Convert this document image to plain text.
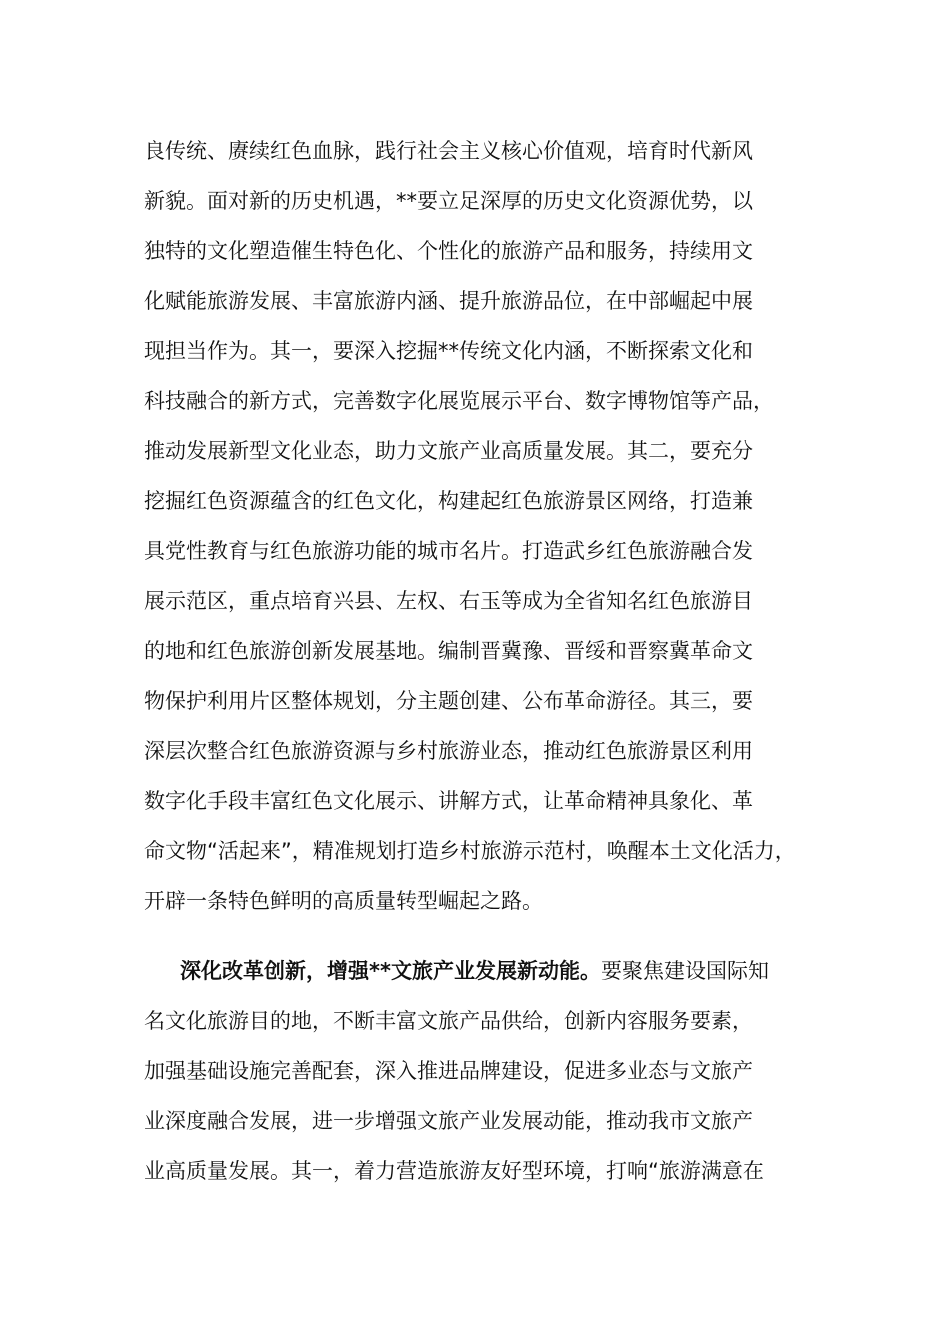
良传统、赓续红色血脉，践行社会主义核心价值观，培育时代新风
新貌。面对新的历史机遇，**要立足深厚的历史文化资源优势，以
独特的文化塑造催生特色化、个性化的旅游产品和服务，持续用文
化赋能旅游发展、丰富旅游内涵、提升旅游品位，在中部崛起中展
现担当作为。其一，要深入挖掘**传统文化内涵，不断探索文化和
科技融合的新方式，完善数字化展览展示平台、数字博物馆等产品，
推动发展新型文化业态，助力文旅产业高质量发展。其二，要充分
挖掘红色资源蕴含的红色文化，构建起红色旅游景区网络，打造兼
具党性教育与红色旅游功能的城市名片。打造武乡红色旅游融合发
展示范区，重点培育兴县、左权、右玉等成为全省知名红色旅游目
的地和红色旅游创新发展基地。编制晋冀豫、晋绥和晋察冀革命文
物保护利用片区整体规划，分主题创建、公布革命游径。其三，要
深层次整合红色旅游资源与乡村旅游业态，推动红色旅游景区利用
数字化手段丰富红色文化展示、讲解方式，让革命精神具象化、革
命文物“活起来”，精准规划打造乡村旅游示范村，唤醒本土文化活力，
开辟一条特色鲜明的高质量转型崛起之路。
深化改革创新，增强**文旅产业发展新动能。要聚焦建设国际知
名文化旅游目的地，不断丰富文旅产品供给，创新内容服务要素，
加强基础设施完善配套，深入推进品牌建设，促进多业态与文旅产
业深度融合发展，进一步增强文旅产业发展动能，推动我市文旅产
业高质量发展。其一，着力营造旅游友好型环境，打响“旅游满意在
